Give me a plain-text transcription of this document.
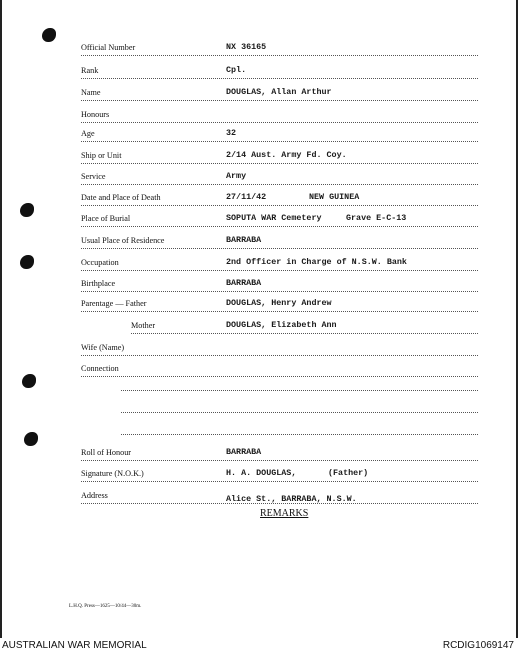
Official Number	NX 36165
Rank	Cpl.
Name	DOUGLAS, Allan Arthur
Honours
Age	32
Ship or Unit	2/14 Aust. Army Fd. Coy.
Service	Army
Date and Place of Death	27/11/42	NEW GUINEA
Place of Burial	SOPUTA WAR Cemetery	Grave E-C-13
Usual Place of Residence	BARRABA
Occupation	2nd Officer in Charge of N.S.W. Bank
Birthplace	BARRABA
Parentage — Father	DOUGLAS, Henry Andrew
Mother	DOUGLAS, Elizabeth Ann
Wife (Name)
Connection
Roll of Honour	BARRABA
Signature (N.O.K.)	H. A. DOUGLAS,	(Father)
Address	Alice St., BARRABA, N.S.W.
REMARKS
L.H.Q. Press—1625—10/44—30m.
AUSTRALIAN WAR MEMORIAL	RCDIG1069147
